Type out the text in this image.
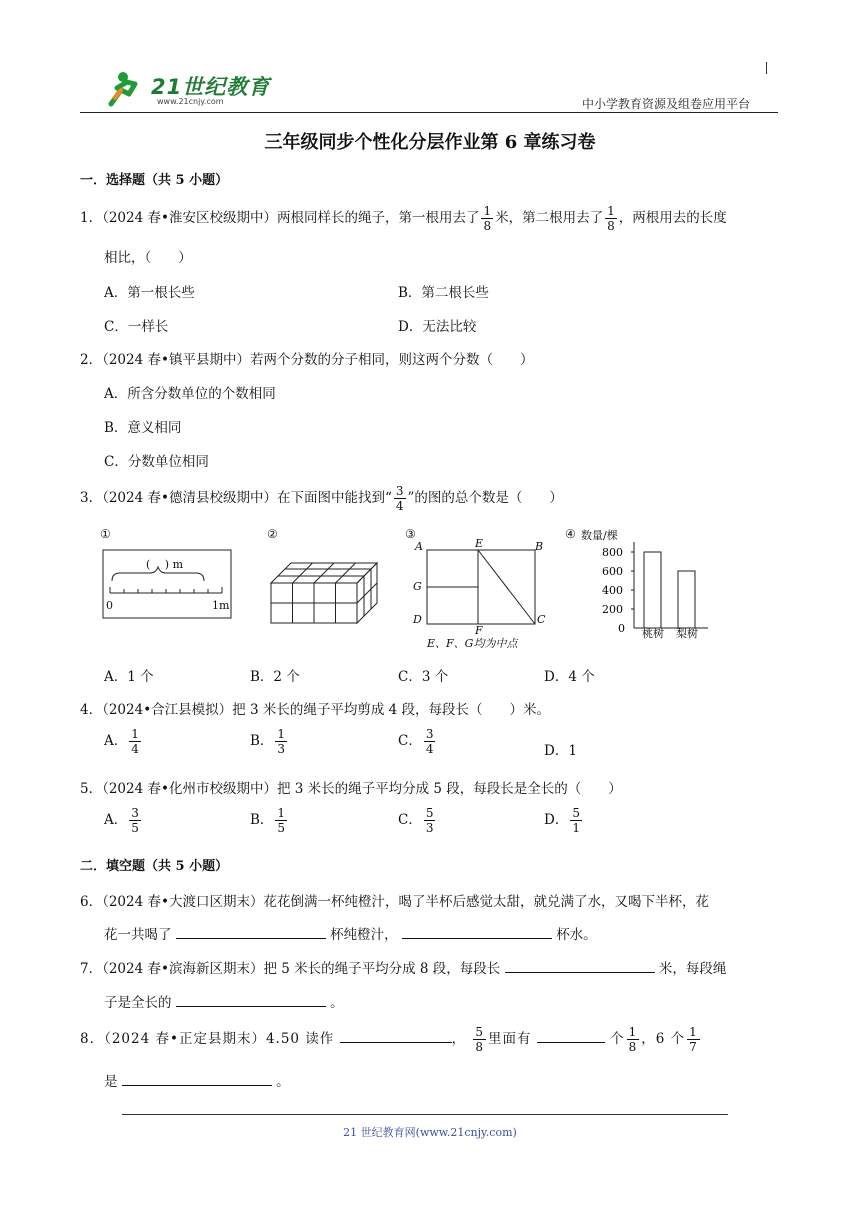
21世纪教育
www.21cnjy.com	中小学教育资源及组卷应用平台
三年级同步个性化分层作业第 6 章练习卷
一．选择题（共 5 小题）
1．（2024 春•淮安区校级期中）两根同样长的绳子，第一根用去了 $\frac{1}{8}$ 米，第二根用去了 $\frac{1}{8}$ ，两根用去的长度
相比，（　　）
A．第一根长些	B．第二根长些
C．一样长	D．无法比较
2．（2024 春•镇平县期中）若两个分数的分子相同，则这两个分数（　　）
A．所含分数单位的个数相同
B．意义相同
C．分数单位相同
3．（2024 春•德清县校级期中）在下面图中能找到“ $\frac{3}{4}$ ”的图的总个数是（　　）
①
(　 ) m
0	1m
②	③
A	E	B
G
D	C
F
E、F、G均为中点
④ 数量/棵
800
600
400
200
0 桃树 梨树
A．1 个	B．2 个	C．3 个	D．4 个
4．（2024•合江县模拟）把 3 米长的绳子平均剪成 4 段，每段长（　　）米。
A． $\frac{1}{4}$	B． $\frac{1}{3}$	C． $\frac{3}{4}$	D．1
5．（2024 春•化州市校级期中）把 3 米长的绳子平均分成 5 段，每段长是全长的（　　）
A． $\frac{3}{5}$	B． $\frac{1}{5}$	C． $\frac{5}{3}$	D． $\frac{5}{1}$
二．填空题（共 5 小题）
6．（2024 春•大渡口区期末）花花倒满一杯纯橙汁，喝了半杯后感觉太甜，就兑满了水，又喝下半杯，花
花一共喝了	杯纯橙汁，	杯水。
7．（2024 春•滨海新区期末）把 5 米长的绳子平均分成 8 段，每段长	米，每段绳
子是全长的	。
8．（2024 春•正定县期末）4.50 读作	， $\frac{5}{8}$ 里面有	个 $\frac{1}{8}$ ，6 个 $\frac{1}{7}$
是	。
21 世纪教育网(www.21cnjy.com)
